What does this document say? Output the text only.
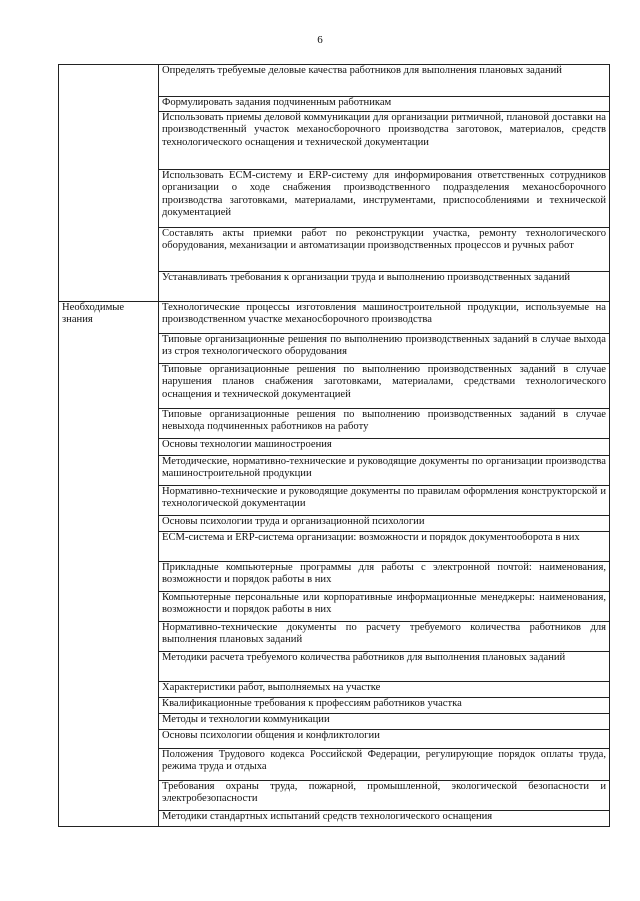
6
	Определять требуемые деловые качества работников для выполнения плановых заданий
	Формулировать задания подчиненным работникам
	Использовать приемы деловой коммуникации для организации ритмичной, плановой доставки на производственный участок механосборочного производства заготовок, материалов, средств технологического оснащения и технической документации
	Использовать ECM-систему и ERP-систему для информирования ответственных сотрудников организации о ходе снабжения производственного подразделения механосборочного производства заготовками, материалами, инструментами, приспособлениями и технической документацией
	Составлять акты приемки работ по реконструкции участка, ремонту технологического оборудования, механизации и автоматизации производственных процессов и ручных работ
	Устанавливать требования к организации труда и выполнению производственных заданий
Необходимые знания	Технологические процессы изготовления машиностроительной продукции, используемые на производственном участке механосборочного производства
	Типовые организационные решения по выполнению производственных заданий в случае выхода из строя технологического оборудования
	Типовые организационные решения по выполнению производственных заданий в случае нарушения планов снабжения заготовками, материалами, средствами технологического оснащения и технической документацией
	Типовые организационные решения по выполнению производственных заданий в случае невыхода подчиненных работников на работу
	Основы технологии машиностроения
	Методические, нормативно-технические и руководящие документы по организации производства машиностроительной продукции
	Нормативно-технические и руководящие документы по правилам оформления конструкторской и технологической документации
	Основы психологии труда и организационной психологии
	ECM-система и ERP-система организации: возможности и порядок документооборота в них
	Прикладные компьютерные программы для работы с электронной почтой: наименования, возможности и порядок работы в них
	Компьютерные персональные или корпоративные информационные менеджеры: наименования, возможности и порядок работы в них
	Нормативно-технические документы по расчету требуемого количества работников для выполнения плановых заданий
	Методики расчета требуемого количества работников для выполнения плановых заданий
	Характеристики работ, выполняемых на участке
	Квалификационные требования к профессиям работников участка
	Методы и технологии коммуникации
	Основы психологии общения и конфликтологии
	Положения Трудового кодекса Российской Федерации, регулирующие порядок оплаты труда, режима труда и отдыха
	Требования охраны труда, пожарной, промышленной, экологической безопасности и электробезопасности
	Методики стандартных испытаний средств технологического оснащения
